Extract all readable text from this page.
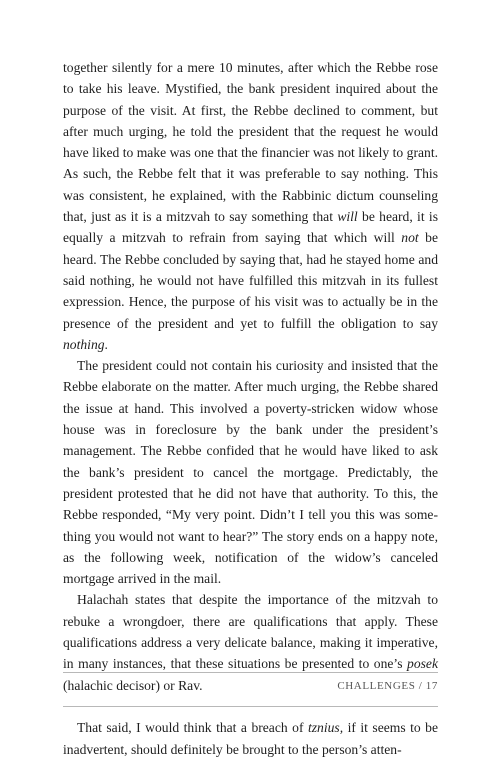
together silently for a mere 10 minutes, after which the Rebbe rose to take his leave. Mystified, the bank president inquired about the purpose of the visit. At first, the Rebbe declined to comment, but after much urging, he told the president that the request he would have liked to make was one that the financier was not likely to grant. As such, the Rebbe felt that it was preferable to say nothing. This was consistent, he explained, with the Rabbinic dictum counseling that, just as it is a mitzvah to say something that will be heard, it is equally a mitzvah to refrain from saying that which will not be heard. The Rebbe concluded by saying that, had he stayed home and said nothing, he would not have fulfilled this mitzvah in its fullest expression. Hence, the purpose of his visit was to actually be in the presence of the president and yet to fulfill the obligation to say nothing.

The president could not contain his curiosity and insisted that the Rebbe elaborate on the matter. After much urging, the Rebbe shared the issue at hand. This involved a poverty-stricken widow whose house was in foreclosure by the bank under the president’s management. The Rebbe confided that he would have liked to ask the bank’s president to cancel the mortgage. Predictably, the president protested that he did not have that authority. To this, the Rebbe responded, “My very point. Didn’t I tell you this was something you would not want to hear?” The story ends on a happy note, as the following week, notification of the widow’s canceled mortgage arrived in the mail.

Halachah states that despite the importance of the mitzvah to rebuke a wrongdoer, there are qualifications that apply. These qualifications address a very delicate balance, making it imperative, in many instances, that these situations be presented to one’s posek (halachic decisor) or Rav.

That said, I would think that a breach of tznius, if it seems to be inadvertent, should definitely be brought to the person’s atten-

CHALLENGES / 17
